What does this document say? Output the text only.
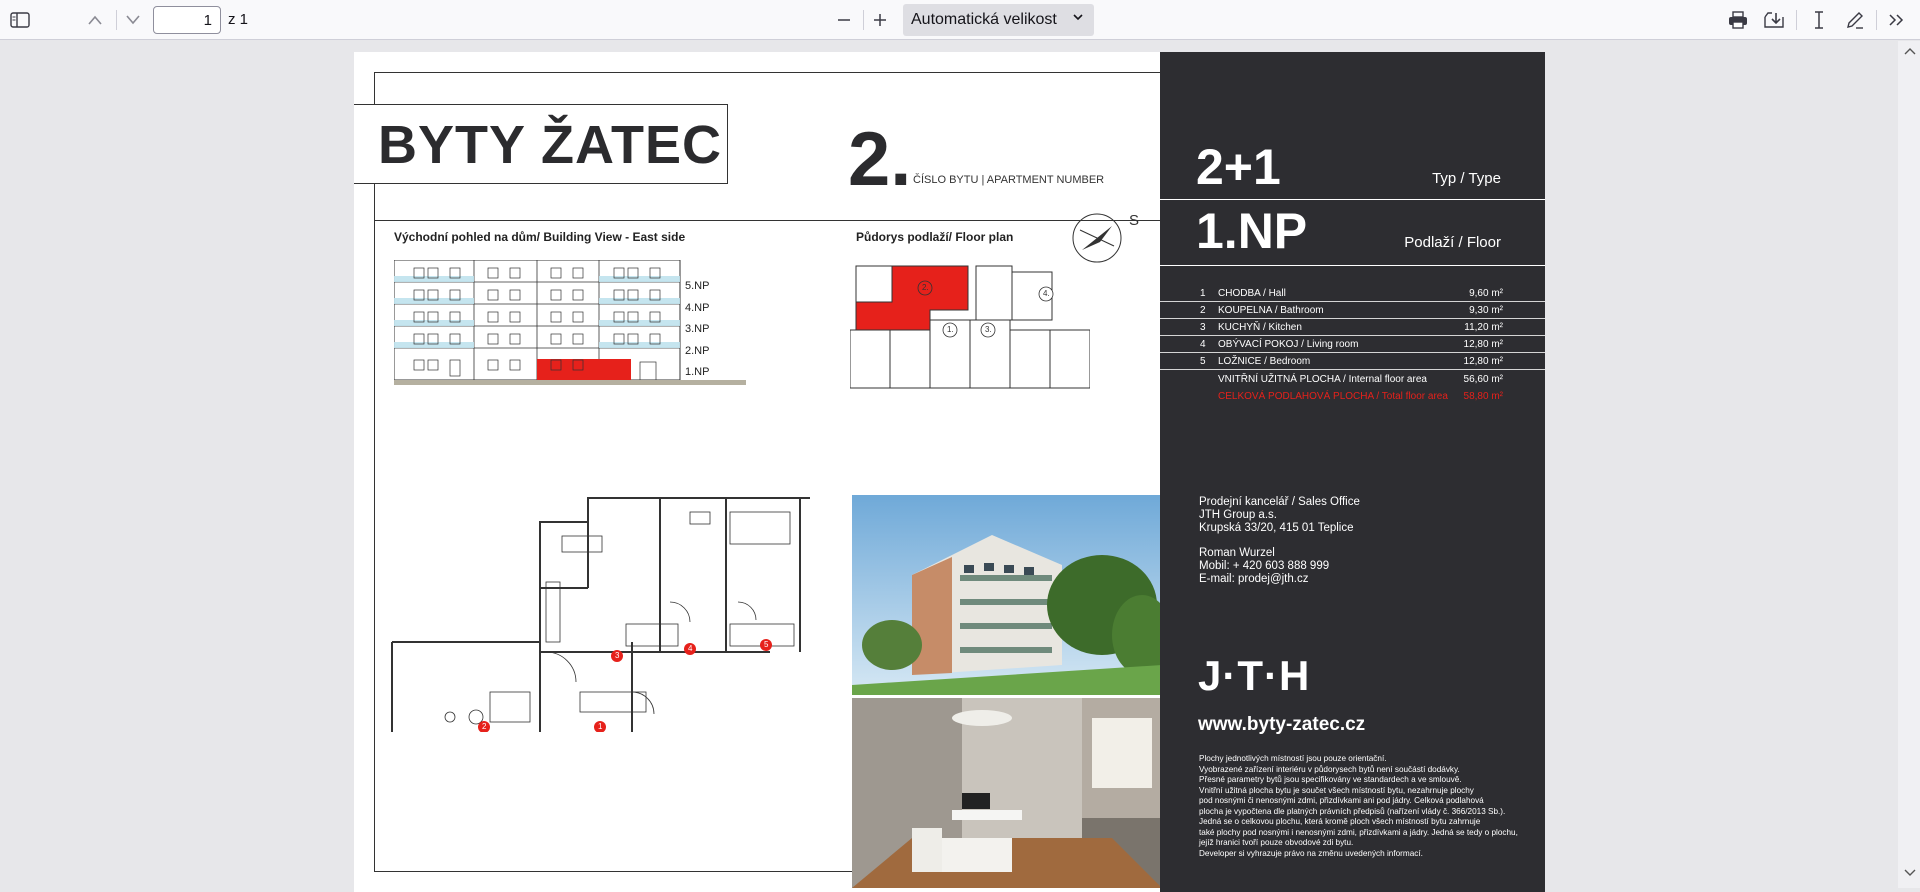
1
z 1	Automatická velikost
BYTY ŽATEC 2. ČÍSLO BYTU | APARTMENT NUMBER
Východní pohled na dům/ Building View - East side	Půdorys podlaží/ Floor plan
5.NP
4.NP
3.NP
2.NP
1.NP
2.
1.	3.
4.
S
3
4	5
2	1
2+1	Typ / Type
1.NP	Podlaží / Floor
1 CHODBA / Hall	9,60 m²
2 KOUPELNA / Bathroom	9,30 m²
3 KUCHYŇ / Kitchen	11,20 m²
4 OBÝVACÍ POKOJ / Living room	12,80 m²
5 LOŽNICE / Bedroom	12,80 m²
VNITŘNÍ UŽITNÁ PLOCHA / Internal floor area	56,60 m²
CELKOVÁ PODLAHOVÁ PLOCHA / Total floor area 58,80 m²
Prodejní kancelář / Sales Office
JTH Group a.s.
Krupská 33/20, 415 01 Teplice
Roman Wurzel
Mobil: + 420 603 888 999
E-mail: prodej@jth.cz
J·T·H
www.byty-zatec.cz
Plochy jednotlivých místností jsou pouze orientační.
Vyobrazené zařízení interiéru v půdorysech bytů není součástí dodávky.
Přesné parametry bytů jsou specifikovány ve standardech a ve smlouvě.
Vnitřní užitná plocha bytu je součet všech místností bytu, nezahrnuje plochy
pod nosnými či nenosnými zdmi, přizdívkami ani pod jádry. Celková podlahová
plocha je vypočtena dle platných právních předpisů (nařízení vlády č. 366/2013 Sb.).
Jedná se o celkovou plochu, která kromě ploch všech místností bytu zahrnuje
také plochy pod nosnými i nenosnými zdmi, přizdívkami a jádry. Jedná se tedy o plochu,
jejíž hranici tvoří pouze obvodové zdi bytu.
Developer si vyhrazuje právo na změnu uvedených informací.
